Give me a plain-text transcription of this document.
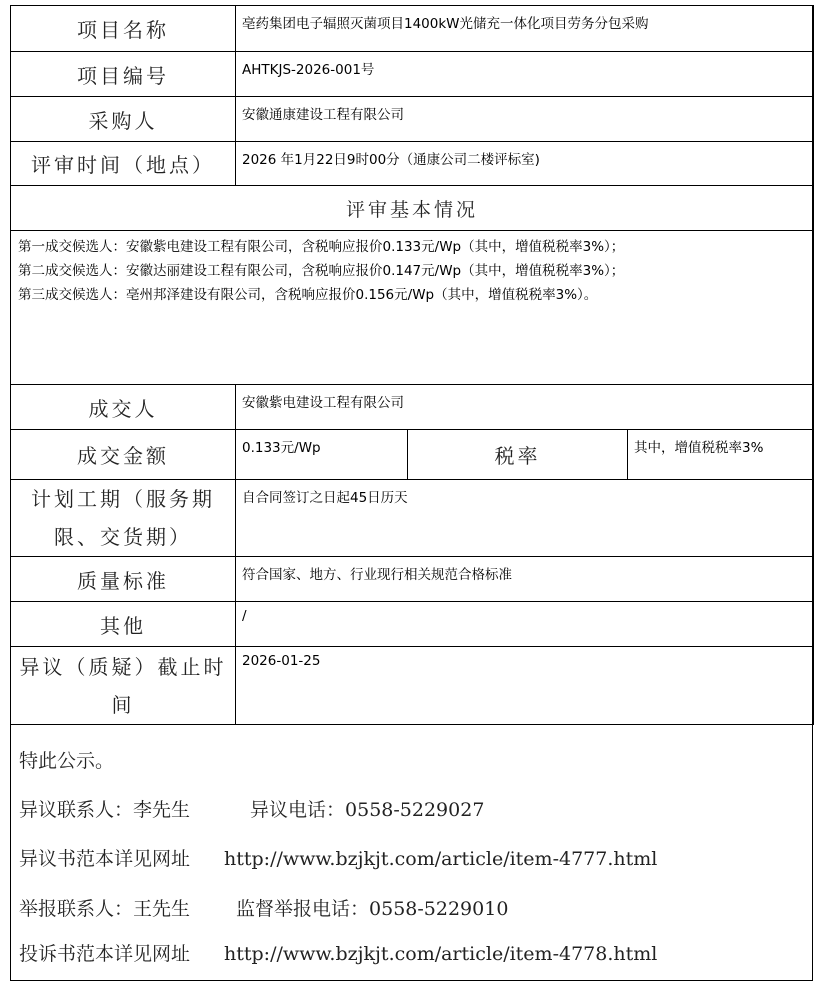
项目名称	亳药集团电子辐照灭菌项目1400kW光储充一体化项目劳务分包采购		
项目编号	AHTKJS-2026-001号		
采购人	安徽通康建设工程有限公司		
评审时间（地点）	2026 年1月22日9时00分（通康公司二楼评标室)		
评审基本情况			

第一成交候选人：安徽紫电建设工程有限公司，含税响应报价0.133元/Wp（其中，增值税税率3%）；
第二成交候选人：安徽达丽建设工程有限公司，含税响应报价0.147元/Wp（其中，增值税税率3%）；
第三成交候选人：亳州邦泽建设有限公司，含税响应报价0.156元/Wp（其中，增值税税率3%）。			

成交人	安徽紫电建设工程有限公司		
成交金额	0.133元/Wp	税率	其中，增值税税率3%

计划工期（服务期
限、交货期）	自合同签订之日起45日历天		
质量标准	符合国家、地方、行业现行相关规范合格标准		
其他	/		

异议（质疑）截止时
间	2026-01-25		
特此公示。
异议联系人：李先生	异议电话：0558-5229027
异议书范本详见网址 http://www.bzjkjt.com/article/item-4777.html
举报联系人：王先生 监督举报电话：0558-5229010
投诉书范本详见网址 http://www.bzjkjt.com/article/item-4778.html
